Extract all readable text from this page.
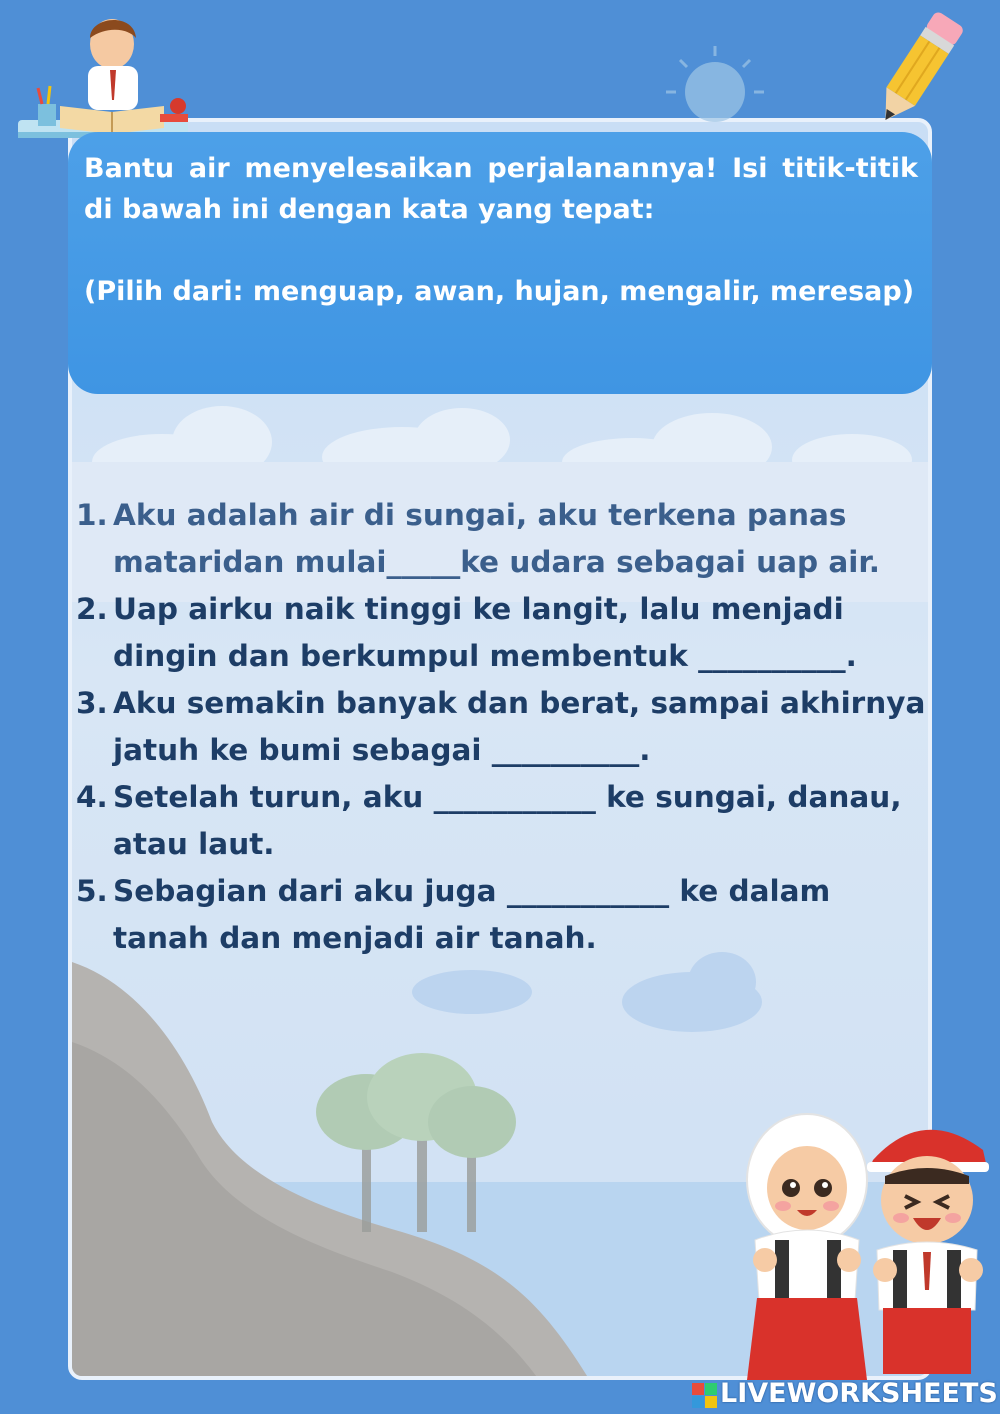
Bantu air menyelesaikan perjalanannya! Isi titik-titik di bawah ini dengan kata yang tepat:

(Pilih dari: menguap, awan, hujan, mengalir, meresap)

1. Aku adalah air di sungai, aku terkena panas mataridan mulai_____ke udara sebagai uap air.
2. Uap airku naik tinggi ke langit, lalu menjadi dingin dan berkumpul membentuk __________.
3. Aku semakin banyak dan berat, sampai akhirnya jatuh ke bumi sebagai __________.
4. Setelah turun, aku ___________ ke sungai, danau, atau laut.
5. Sebagian dari aku juga ___________ ke dalam tanah dan menjadi air tanah.
LIVEWORKSHEETS
